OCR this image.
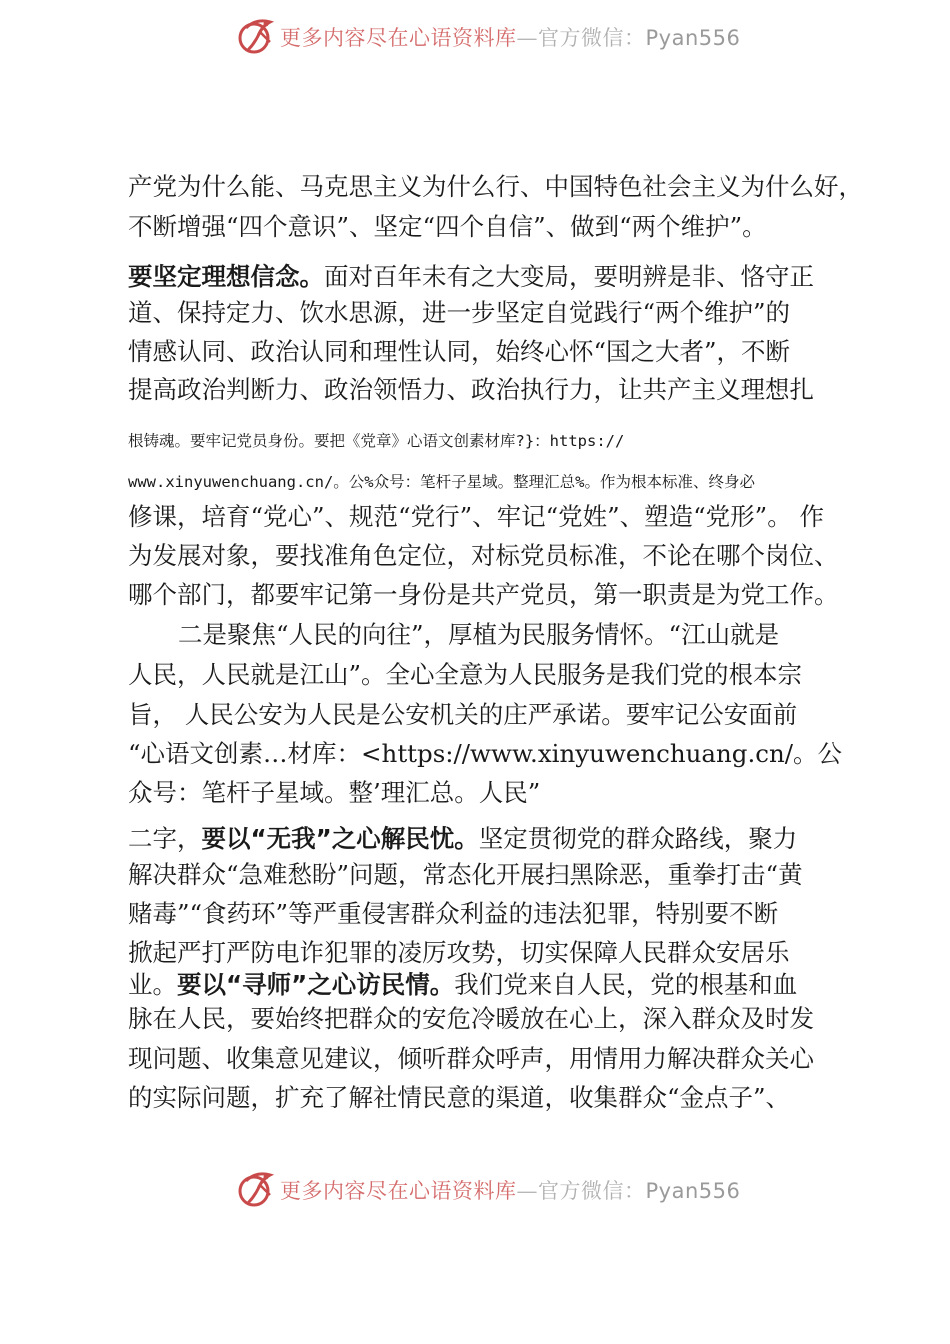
更多内容尽在心语资料库—官方微信：Pyan556
产党为什么能、马克思主义为什么行、中国特色社会主义为什么好，
不断增强“四个意识”、坚定“四个自信”、做到“两个维护”。
要坚定理想信念。面对百年未有之大变局，要明辨是非、恪守正
道、保持定力、饮水思源，进一步坚定自觉践行“两个维护”的
情感认同、政治认同和理性认同，始终心怀“国之大者”，不断
提高政治判断力、政治领悟力、政治执行力，让共产主义理想扎
根铸魂。要牢记党员身份。要把《党章》心语文创素材库?}：https://
www.xinyuwenchuang.cn/。公%众号：笔杆子星域。整理汇总%。作为根本标准、终身必
修课，培育“党心”、规范“党行”、牢记“党姓”、塑造“党形”。 作
为发展对象，要找准角色定位，对标党员标准，不论在哪个岗位、
哪个部门，都要牢记第一身份是共产党员，第一职责是为党工作。
二是聚焦“人民的向往”，厚植为民服务情怀。“江山就是
人民，人民就是江山”。全心全意为人民服务是我们党的根本宗
旨， 人民公安为人民是公安机关的庄严承诺。要牢记公安面前
“心语文创素…材库：<https://www.xinyuwenchuang.cn/。公
众号：笔杆子星域。整’理汇总。人民”
二字，要以“无我”之心解民忧。坚定贯彻党的群众路线，聚力
解决群众“急难愁盼”问题，常态化开展扫黑除恶，重拳打击“黄
赌毒”“食药环”等严重侵害群众利益的违法犯罪，特别要不断
掀起严打严防电诈犯罪的凌厉攻势，切实保障人民群众安居乐
业。要以“寻师”之心访民情。我们党来自人民，党的根基和血
脉在人民，要始终把群众的安危冷暖放在心上，深入群众及时发
现问题、收集意见建议，倾听群众呼声，用情用力解决群众关心
的实际问题，扩充了解社情民意的渠道，收集群众“金点子”、
更多内容尽在心语资料库—官方微信：Pyan556
